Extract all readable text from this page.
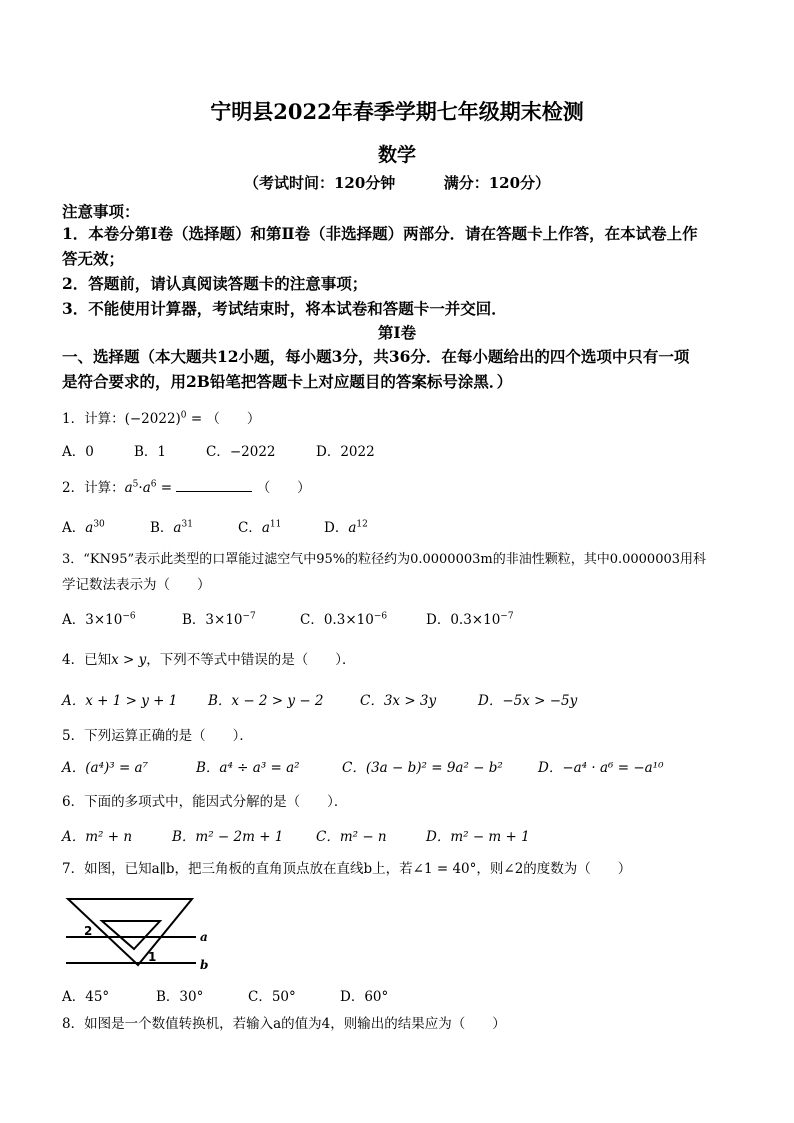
宁明县2022年春季学期七年级期末检测
数学
（考试时间：120分钟	满分：120分）
注意事项：
1．本卷分第Ⅰ卷（选择题）和第Ⅱ卷（非选择题）两部分．请在答题卡上作答，在本试卷上作
答无效；
2．答题前，请认真阅读答题卡的注意事项；
3．不能使用计算器，考试结束时，将本试卷和答题卡一并交回．
第Ⅰ卷
一、选择题（本大题共12小题，每小题3分，共36分．在每小题给出的四个选项中只有一项
是符合要求的，用2B铅笔把答题卡上对应题目的答案标号涂黑．）
1．计算：$(-2022)^0$ = （　　）
A．0	B．1	C．−2022	D．2022
2．计算：$a^5\cdot a^6$ =	（　　）
A．$a^{30}$	B．$a^{31}$	C．$a^{11}$	D．$a^{12}$
3．“KN95”表示此类型的口罩能过滤空气中95%的粒径约为0.0000003m的非油性颗粒，其中0.0000003用科
学记数法表示为（　　）
A．$3\times 10^{-6}$	B．$3\times 10^{-7}$	C．$0.3\times 10^{-6}$	D．$0.3\times 10^{-7}$
4．已知x > y，下列不等式中错误的是（　　）．
A．x + 1 > y + 1 B．x − 2 > y − 2	C．3x > 3y	D．−5x > −5y
5．下列运算正确的是（　　）．
A．(a⁴)³ = a⁷	B．a⁴ ÷ a³ = a²	C．(3a − b)² = 9a² − b²	D．−a⁴ · a⁶ = −a¹⁰
6．下面的多项式中，能因式分解的是（　　）．
A．m² + n	B．m² − 2m + 1 C．m² − n	D．m² − m + 1
7．如图，已知a∥b，把三角板的直角顶点放在直线b上，若∠1 = 40°，则∠2的度数为（　　）
2	a
1
b
A．45°	B．30°	C．50°	D．60°
8．如图是一个数值转换机，若输入a的值为4，则输出的结果应为（　　）
